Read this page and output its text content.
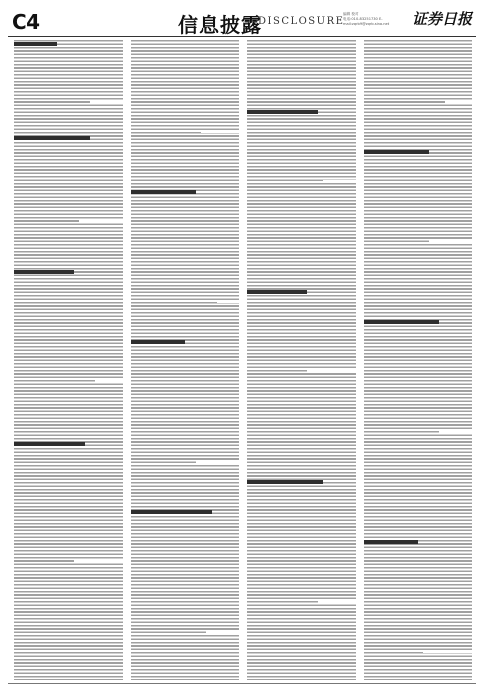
C4	信息披露
DISCLOSURE
编辑 校对
电话:010-83251730 E-mail:zqrb9@zqrb.sina.net	证券日报
